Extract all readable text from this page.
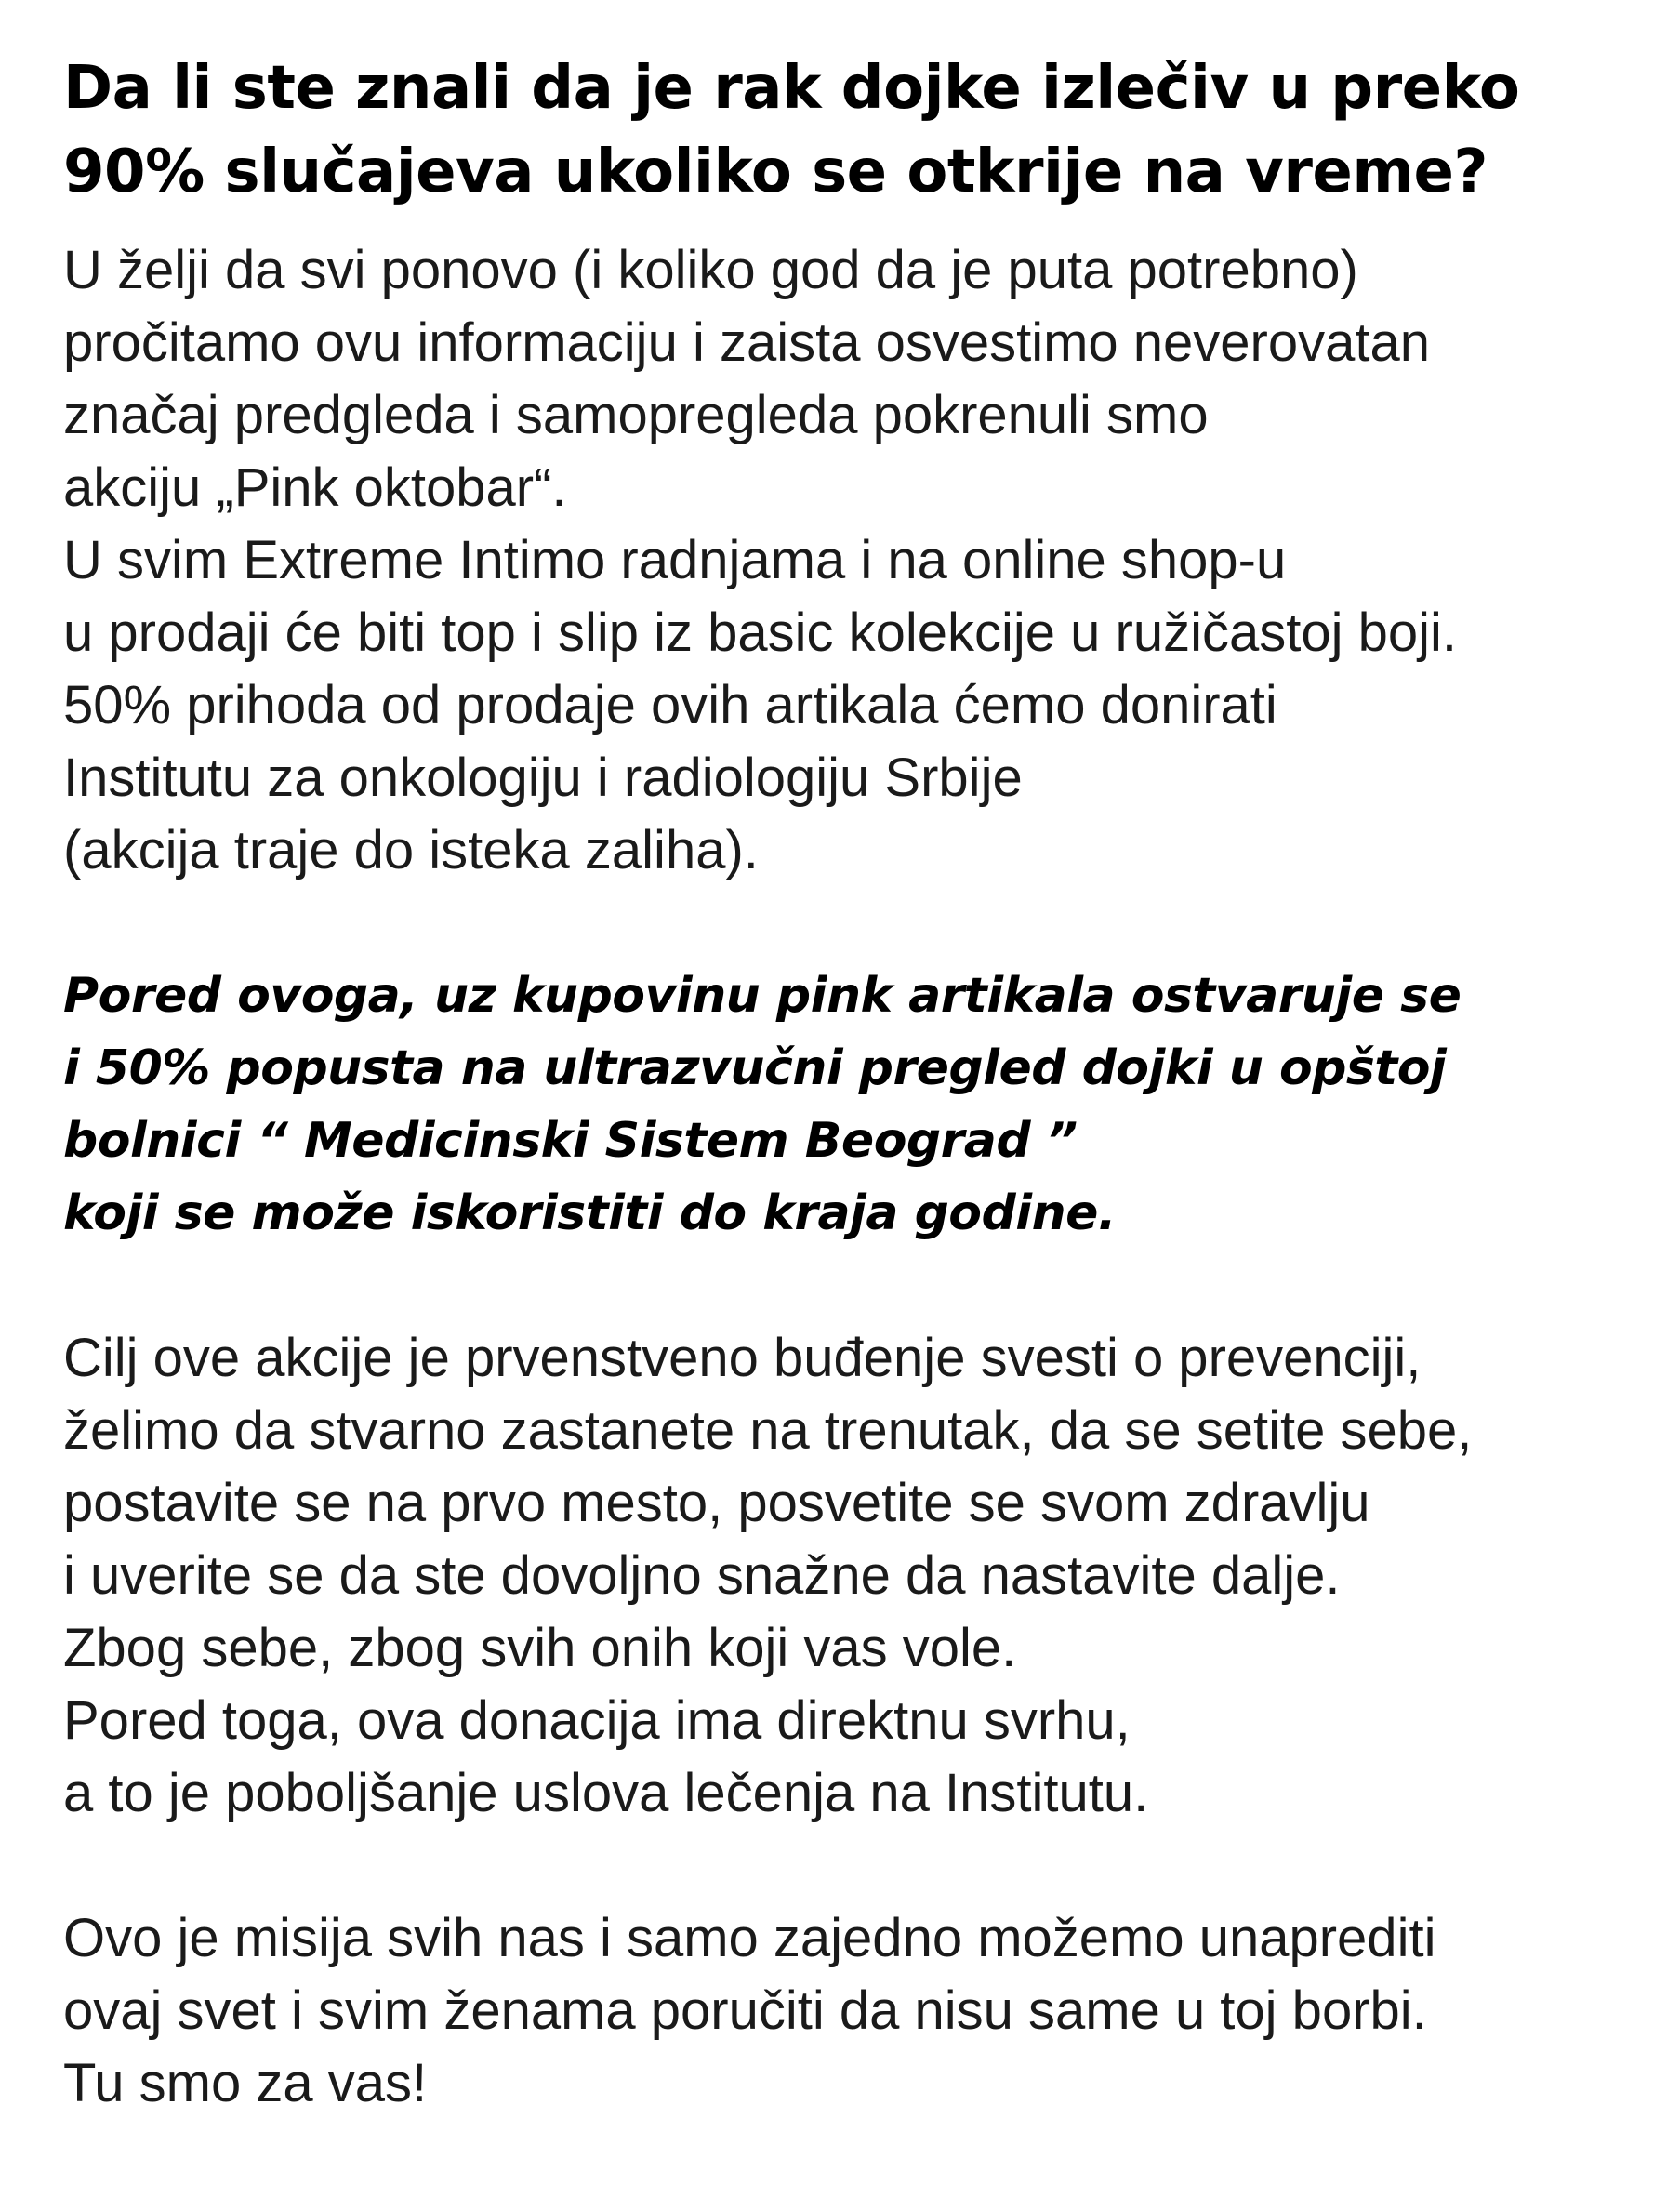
Da li ste znali da je rak dojke izlečiv u preko
90% slučajeva ukoliko se otkrije na vreme?

U želji da svi ponovo (i koliko god da je puta potrebno)
pročitamo ovu informaciju i zaista osvestimo neverovatan
značaj predgleda i samopregleda pokrenuli smo
akciju „Pink oktobar“.
U svim Extreme Intimo radnjama i na online shop-u
u prodaji će biti top i slip iz basic kolekcije u ružičastoj boji.
50% prihoda od prodaje ovih artikala ćemo donirati
Institutu za onkologiju i radiologiju Srbije
(akcija traje do isteka zaliha).

Pored ovoga, uz kupovinu pink artikala ostvaruje se
i 50% popusta na ultrazvučni pregled dojki u opštoj
bolnici “ Medicinski Sistem Beograd ”
koji se može iskoristiti do kraja godine.

Cilj ove akcije je prvenstveno buđenje svesti o prevenciji,
želimo da stvarno zastanete na trenutak, da se setite sebe,
postavite se na prvo mesto, posvetite se svom zdravlju
i uverite se da ste dovoljno snažne da nastavite dalje.
Zbog sebe, zbog svih onih koji vas vole.
Pored toga, ova donacija ima direktnu svrhu,
a to je poboljšanje uslova lečenja na Institutu.

Ovo je misija svih nas i samo zajedno možemo unaprediti
ovaj svet i svim ženama poručiti da nisu same u toj borbi.
Tu smo za vas!
